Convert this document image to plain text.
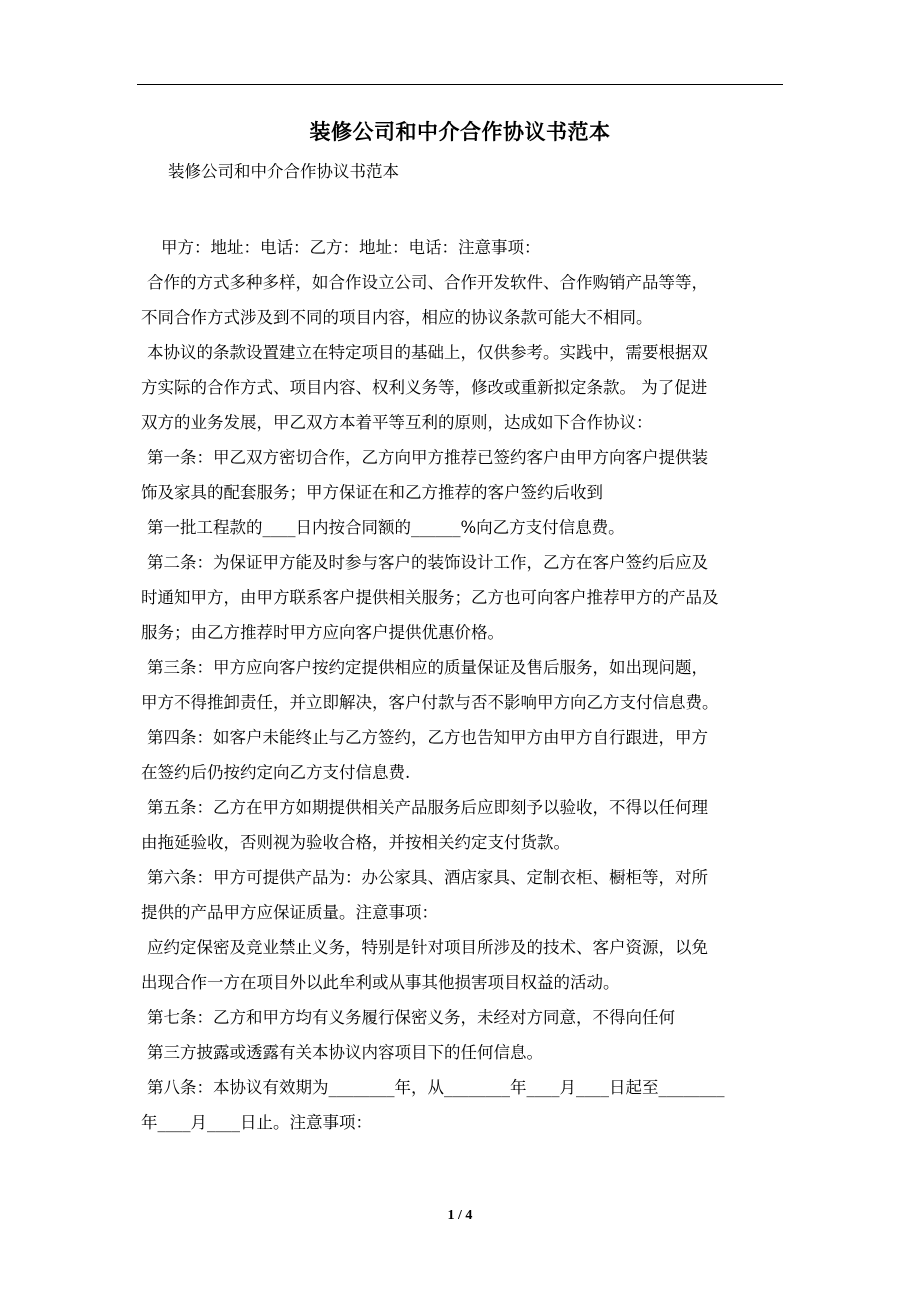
装修公司和中介合作协议书范本
装修公司和中介合作协议书范本
甲方：地址：电话：乙方：地址：电话：注意事项：
合作的方式多种多样，如合作设立公司、合作开发软件、合作购销产品等等，
不同合作方式涉及到不同的项目内容，相应的协议条款可能大不相同。
本协议的条款设置建立在特定项目的基础上，仅供参考。实践中，需要根据双
方实际的合作方式、项目内容、权利义务等，修改或重新拟定条款。 为了促进
双方的业务发展，甲乙双方本着平等互利的原则，达成如下合作协议：
第一条：甲乙双方密切合作，乙方向甲方推荐已签约客户由甲方向客户提供装
饰及家具的配套服务；甲方保证在和乙方推荐的客户签约后收到
第一批工程款的____日内按合同额的______%向乙方支付信息费。
第二条：为保证甲方能及时参与客户的装饰设计工作，乙方在客户签约后应及
时通知甲方，由甲方联系客户提供相关服务；乙方也可向客户推荐甲方的产品及
服务；由乙方推荐时甲方应向客户提供优惠价格。
第三条：甲方应向客户按约定提供相应的质量保证及售后服务，如出现问题，
甲方不得推卸责任，并立即解决，客户付款与否不影响甲方向乙方支付信息费。
第四条：如客户未能终止与乙方签约，乙方也告知甲方由甲方自行跟进，甲方
在签约后仍按约定向乙方支付信息费.
第五条：乙方在甲方如期提供相关产品服务后应即刻予以验收，不得以任何理
由拖延验收，否则视为验收合格，并按相关约定支付货款。
第六条：甲方可提供产品为：办公家具、酒店家具、定制衣柜、橱柜等，对所
提供的产品甲方应保证质量。注意事项：
应约定保密及竞业禁止义务，特别是针对项目所涉及的技术、客户资源，以免
出现合作一方在项目外以此牟利或从事其他损害项目权益的活动。
第七条：乙方和甲方均有义务履行保密义务，未经对方同意，不得向任何
第三方披露或透露有关本协议内容项目下的任何信息。
第八条：本协议有效期为________年，从________年____月____日起至________
年____月____日止。注意事项：
1 / 4
